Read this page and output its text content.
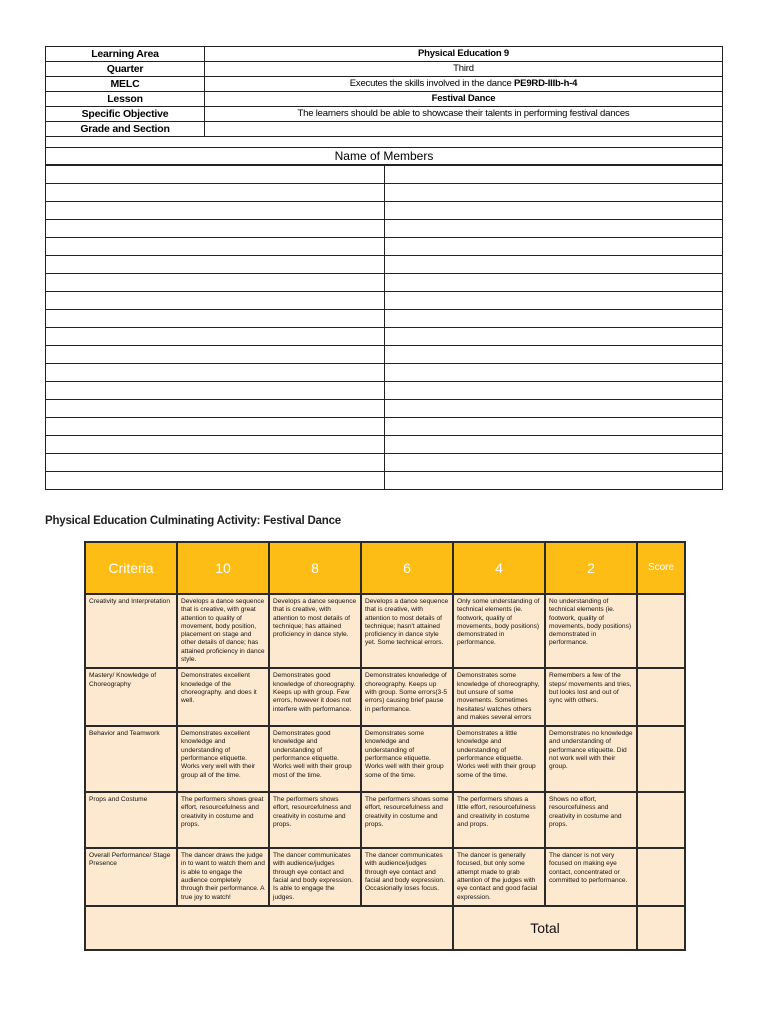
Learning Area	Physical Education 9
Quarter	Third
MELC	Executes the skills involved in the dance PE9RD-IIIb-h-4
Lesson	Festival Dance
Specific Objective	The learners should be able to showcase their talents in performing festival dances
Grade and Section	

Name of Members	

Physical Education Culminating Activity: Festival Dance
Criteria	10	8	6	4	2	Score
Creativity and Interpretation	Develops a dance sequence that is creative, with great attention to quality of movement, body position, placement on stage and other details of dance; has attained proficiency in dance style.	Develops a dance sequence that is creative, with attention to most details of technique; has attained proficiency in dance style.	Develops a dance sequence that is creative, with attention to most details of technique; hasn't attained proficiency in dance style yet. Some technical errors.	Only some understanding of technical elements (ie. footwork, quality of movements, body positions) demonstrated in performance.	No understanding of technical elements (ie. footwork, quality of movements, body positions) demonstrated in performance.	
Mastery/ Knowledge of Choreography	Demonstrates excellent knowledge of the choreography. and does it well.	Demonstrates good knowledge of choreography. Keeps up with group. Few errors, however it does not interfere with performance.	Demonstrates knowledge of choreography. Keeps up with group. Some errors(3-5 errors) causing brief pause in performance.	Demonstrates some knowledge of choreography, but unsure of some movements. Sometimes hesitates/ watches others and makes several errors	Remembers a few of the steps/ movements and tries, but looks lost and out of sync with others.	
Behavior and Teamwork	Demonstrates excellent knowledge and understanding of performance etiquette. Works very well with their group all of the time.	Demonstrates good knowledge and understanding of performance etiquette. Works well with their group most of the time.	Demonstrates some knowledge and understanding of performance etiquette. Works well with their group some of the time.	Demonstrates a little knowledge and understanding of performance etiquette. Works well with their group some of the time.	Demonstrates no knowledge and understanding of performance etiquette. Did not work well with their group.	
Props and Costume	The performers shows great effort, resourcefulness and creativity in costume and props.	The performers shows effort, resourcefulness and creativity in costume and props.	The performers shows some effort, resourcefulness and creativity in costume and props.	The performers shows a little effort, resourcefulness and creativity in costume and props.	Shows no effort, resourcefulness and creativity in costume and props.	
Overall Performance/ Stage Presence	The dancer draws the judge in to want to watch them and is able to engage the audience completely through their performance. A true joy to watch!	The dancer communicates with audience/judges through eye contact and facial and body expression. Is able to engage the judges.	The dancer communicates with audience/judges through eye contact and facial and body expression. Occasionally loses focus.	The dancer is generally focused, but only some attempt made to grab attention of the judges with eye contact and good facial expression.	The dancer is not very focused on making eye contact, concentrated or committed to performance.	
				Total		
